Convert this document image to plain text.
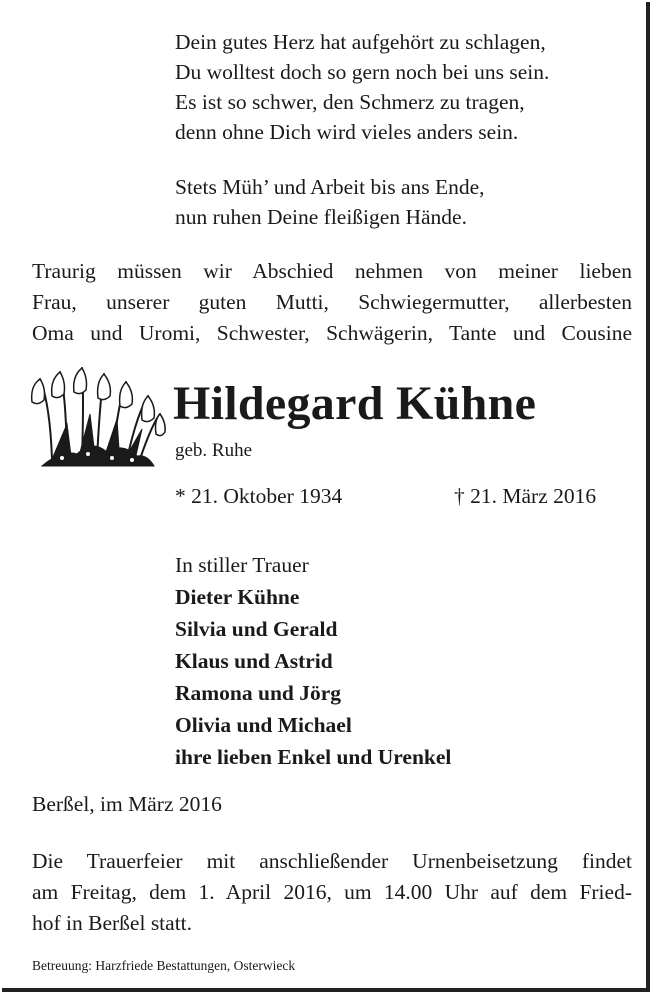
Dein gutes Herz hat aufgehört zu schlagen,
Du wolltest doch so gern noch bei uns sein.
Es ist so schwer, den Schmerz zu tragen,
denn ohne Dich wird vieles anders sein.
Stets Müh’ und Arbeit bis ans Ende,
nun ruhen Deine fleißigen Hände.
Traurig müssen wir Abschied nehmen von meiner lieben
Frau, unserer guten Mutti, Schwiegermutter, allerbesten
Oma und Uromi, Schwester, Schwägerin, Tante und Cousine
Hildegard Kühne
geb. Ruhe
* 21. Oktober 1934	† 21. März 2016
In stiller Trauer
Dieter Kühne
Silvia und Gerald
Klaus und Astrid
Ramona und Jörg
Olivia und Michael
ihre lieben Enkel und Urenkel
Berßel, im März 2016
Die Trauerfeier mit anschließender Urnenbeisetzung findet
am Freitag, dem 1. April 2016, um 14.00 Uhr auf dem Fried-
hof in Berßel statt.
Betreuung: Harzfriede Bestattungen, Osterwieck
